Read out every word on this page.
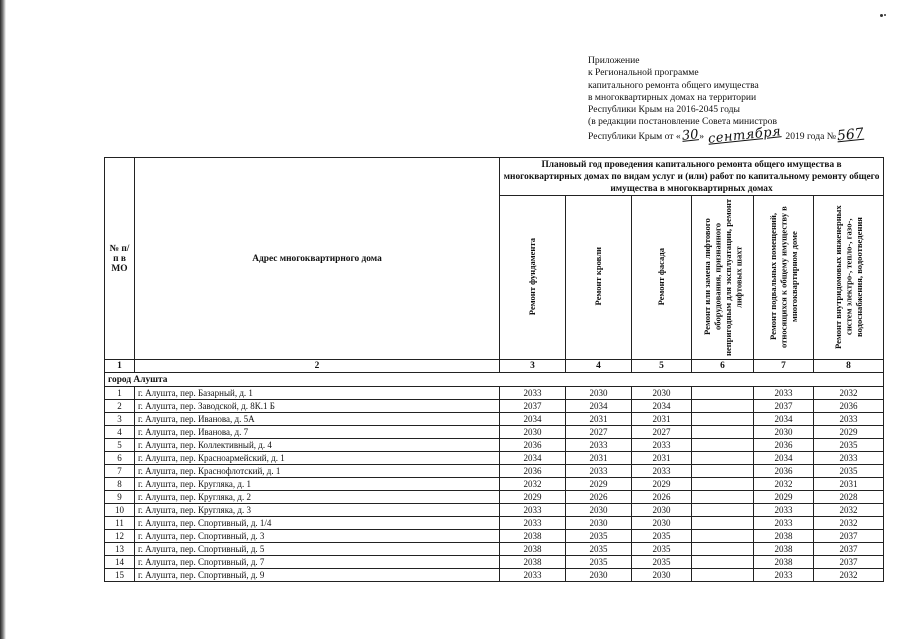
Приложение
к Региональной программе
капитального ремонта общего имущества
в многоквартирных домах на территории
Республики Крым на 2016-2045 годы
(в редакции постановление Совета министров
Республики Крым от «30» сентября 2019 года №567
№ п/п в МО	Адрес многоквартирного дома	Плановый год проведения капитального ремонта общего имущества в многоквартирных домах по видам услуг и (или) работ по капитальному ремонту общего имущества в многоквартирных домах					
		Ремонт фундамента	Ремонт кровли	Ремонт фасада	Ремонт или замена лифтового оборудования, признанного непригодным для эксплуатации, ремонт лифтовых шахт	Ремонт подвальных помещений, относящихся к общему имуществу в многоквартирном доме	Ремонт внутридомовых инженерных систем электро-, тепло-, газо-, водоснабжения, водоотведения
1	2	3	4	5	6	7	8
город Алушта							
1	г. Алушта, пер. Базарный, д. 1	2033	2030	2030		2033	2032
2	г. Алушта, пер. Заводской, д. 8К.1 Б	2037	2034	2034		2037	2036
3	г. Алушта, пер. Иванова, д. 5А	2034	2031	2031		2034	2033
4	г. Алушта, пер. Иванова, д. 7	2030	2027	2027		2030	2029
5	г. Алушта, пер. Коллективный, д. 4	2036	2033	2033		2036	2035
6	г. Алушта, пер. Красноармейский, д. 1	2034	2031	2031		2034	2033
7	г. Алушта, пер. Краснофлотский, д. 1	2036	2033	2033		2036	2035
8	г. Алушта, пер. Кругляка, д. 1	2032	2029	2029		2032	2031
9	г. Алушта, пер. Кругляка, д. 2	2029	2026	2026		2029	2028
10	г. Алушта, пер. Кругляка, д. 3	2033	2030	2030		2033	2032
11	г. Алушта, пер. Спортивный, д. 1/4	2033	2030	2030		2033	2032
12	г. Алушта, пер. Спортивный, д. 3	2038	2035	2035		2038	2037
13	г. Алушта, пер. Спортивный, д. 5	2038	2035	2035		2038	2037
14	г. Алушта, пер. Спортивный, д. 7	2038	2035	2035		2038	2037
15	г. Алушта, пер. Спортивный, д. 9	2033	2030	2030		2033	2032
